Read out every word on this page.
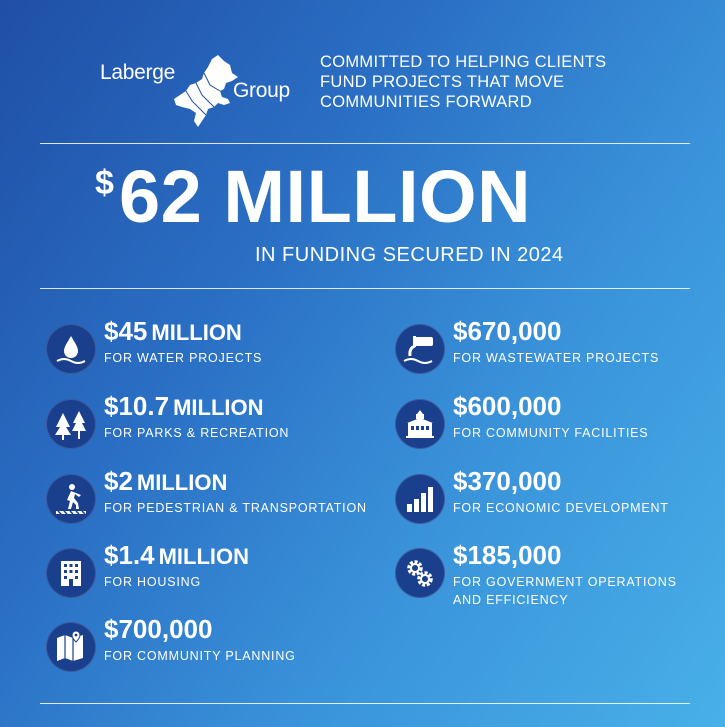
Laberge
Group
COMMITTED TO HELPING CLIENTS
FUND PROJECTS THAT MOVE
COMMUNITIES FORWARD
$ 62 MILLION
IN FUNDING SECURED IN 2024
$45 MILLION
FOR WATER PROJECTS
$10.7 MILLION
FOR PARKS & RECREATION
$2 MILLION
FOR PEDESTRIAN & TRANSPORTATION
$1.4 MILLION
FOR HOUSING
$700,000
FOR COMMUNITY PLANNING
$670,000
FOR WASTEWATER PROJECTS
$600,000
FOR COMMUNITY FACILITIES
$370,000
FOR ECONOMIC DEVELOPMENT
$185,000
FOR GOVERNMENT OPERATIONS
AND EFFICIENCY
